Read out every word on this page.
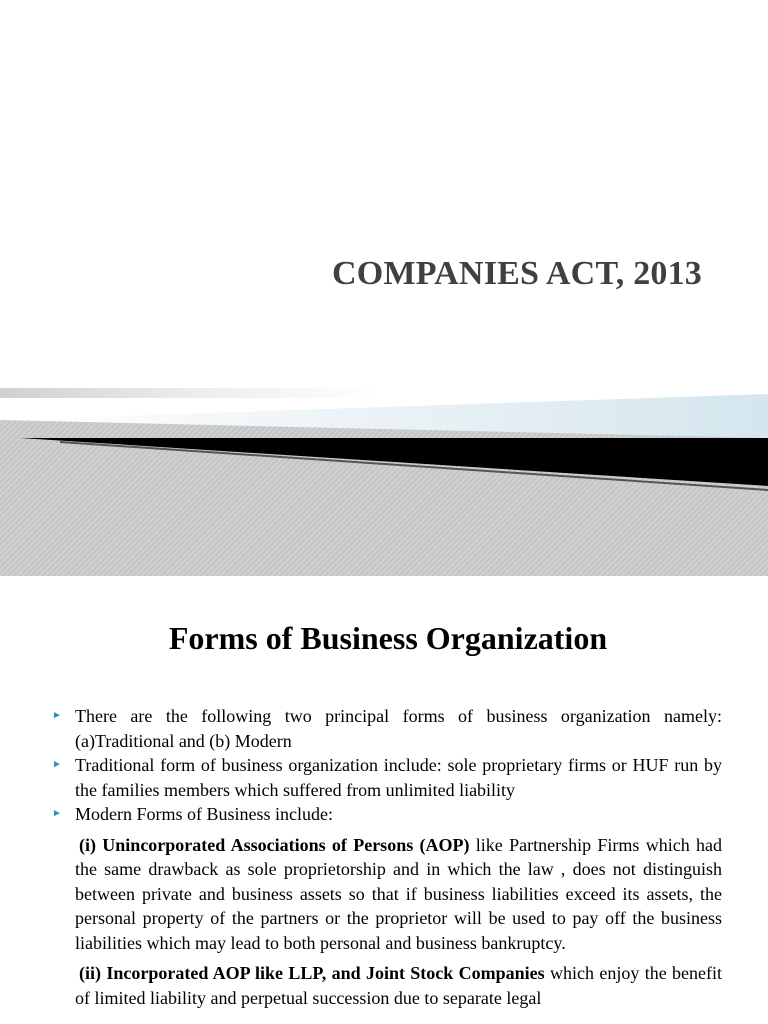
COMPANIES ACT, 2013
Forms of Business Organization
► There are the following two principal forms of business organization namely: (a)Traditional and (b) Modern
► Traditional form of business organization include: sole proprietary firms or HUF run by the families members which suffered from unlimited liability
► Modern Forms of Business include:
(i) Unincorporated Associations of Persons (AOP) like Partnership Firms which had the same drawback as sole proprietorship and in which the law , does not distinguish between private and business assets so that if business liabilities exceed its assets, the personal property of the partners or the proprietor will be used to pay off the business liabilities which may lead to both personal and business bankruptcy.
(ii) Incorporated AOP like LLP, and Joint Stock Companies which enjoy the benefit of limited liability and perpetual succession due to separate legal
